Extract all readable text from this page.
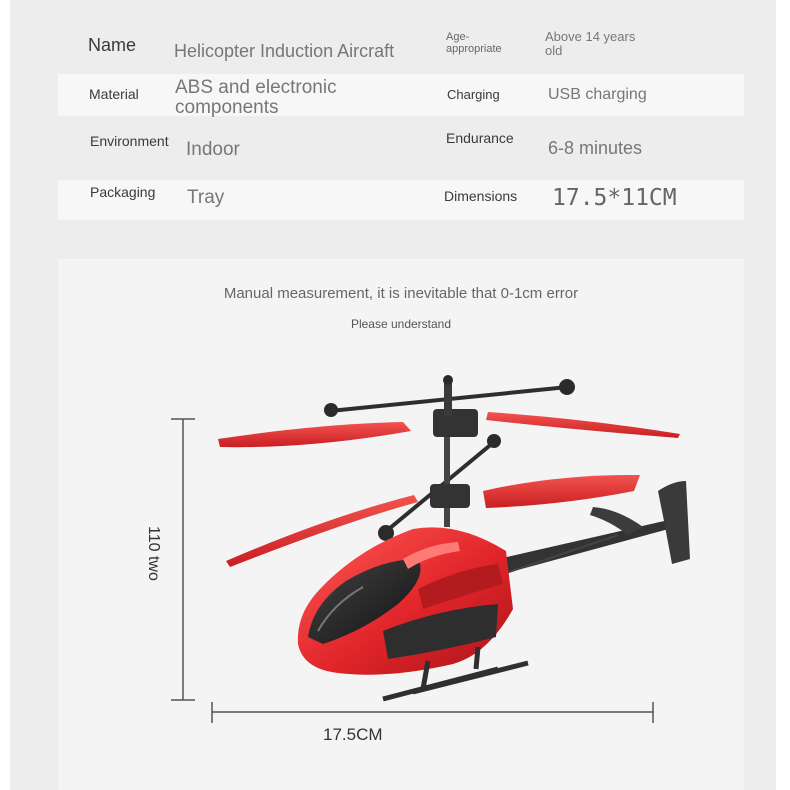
Name Helicopter Induction Aircraft
Age-
appropriate
Above 14 years
old
Material ABS and electronic
components
Charging	USB charging
Environment Indoor
Endurance 6-8 minutes
Packaging Tray	Dimensions 17.5*11CM
Manual measurement, it is inevitable that 0-1cm error
Please understand
17.5CM
110 two
